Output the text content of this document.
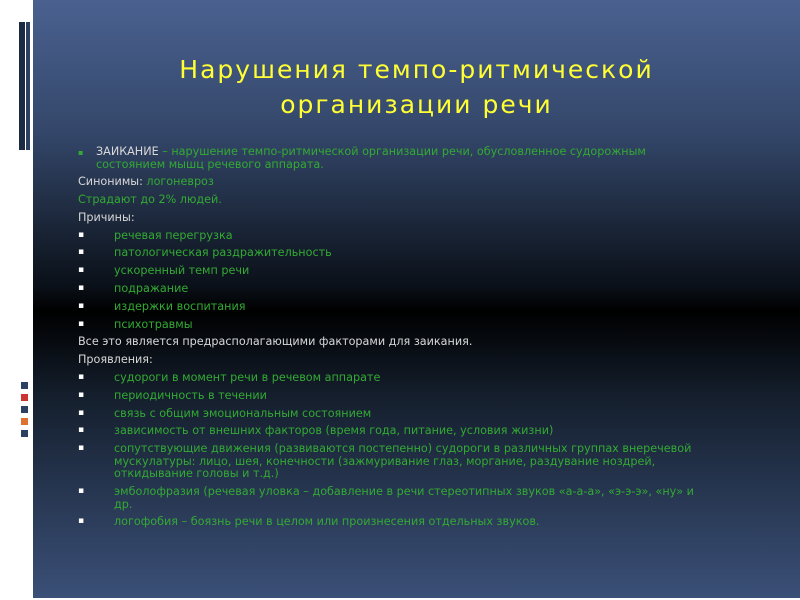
Нарушения темпо-ритмической
организации речи

▪ ЗАИКАНИЕ – нарушение темпо-ритмической организации речи, обусловленное судорожным состоянием мышц речевого аппарата.

Синонимы: логоневроз

Страдают до 2% людей.

Причины:

▪	речевая перегрузка

▪	патологическая раздражительность

▪	ускоренный темп речи

▪	подражание

▪	издержки воспитания

▪	психотравмы

Все это является предрасполагающими факторами для заикания.

Проявления:

▪	судороги в момент речи в речевом аппарате

▪	периодичность в течении

▪	связь с общим эмоциональным состоянием

▪	зависимость от внешних факторов (время года, питание, условия жизни)

▪	сопутствующие движения (развиваются постепенно) судороги в различных группах внеречевой мускулатуры: лицо, шея, конечности (зажмуривание глаз, моргание, раздувание ноздрей, откидывание головы и т.д.)

▪	эмболофразия (речевая уловка – добавление в речи стереотипных звуков «а-а-а», «э-э-э», «ну» и др.

▪	логофобия – боязнь речи в целом или произнесения отдельных звуков.
